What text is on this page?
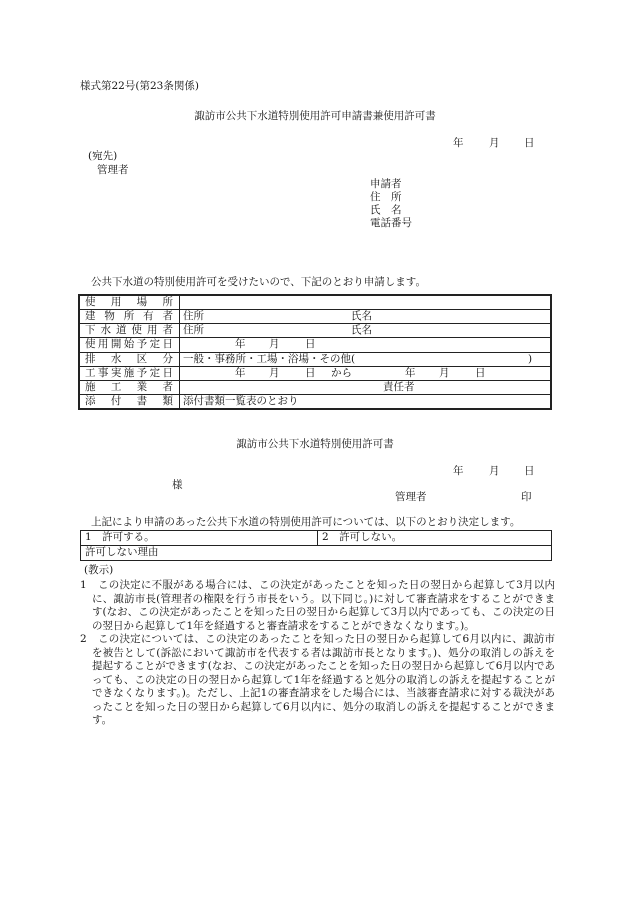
様式第22号(第23条関係)
諏訪市公共下水道特別使用許可申請書兼使用許可書
年 月 日
(宛先)
管理者
申請者
住　所
氏　名
電話番号
公共下水道の特別使用許可を受けたいので、下記のとおり申請します。
使用場所	
建物所有者	住所 氏名
下水道使用者	住所 氏名
使用開始予定日	年 月 日
排水区分	一般・事務所・工場・浴場・その他( )
工事実施予定日	年 月 日 から 年 月 日
施工業者	責任者
添付書類	添付書類一覧表のとおり
諏訪市公共下水道特別使用許可書
年 月 日
様
管理者	印
上記により申請のあった公共下水道の特別使用許可については、以下のとおり決定します。
1　許可する。	2　許可しない。
許可しない理由
(教示)
1	この決定に不服がある場合には、この決定があったことを知った日の翌日から起算して3月以内に、諏訪市長(管理者の権限を行う市長をいう。以下同じ。)に対して審査請求をすることができます(なお、この決定があったことを知った日の翌日から起算して3月以内であっても、この決定の日の翌日から起算して1年を経過すると審査請求をすることができなくなります。)。
2	この決定については、この決定のあったことを知った日の翌日から起算して6月以内に、諏訪市を被告として(訴訟において諏訪市を代表する者は諏訪市長となります。)、処分の取消しの訴えを提起することができます(なお、この決定があったことを知った日の翌日から起算して6月以内であっても、この決定の日の翌日から起算して1年を経過すると処分の取消しの訴えを提起することができなくなります。)。ただし、上記1の審査請求をした場合には、当該審査請求に対する裁決があったことを知った日の翌日から起算して6月以内に、処分の取消しの訴えを提起することができます。
